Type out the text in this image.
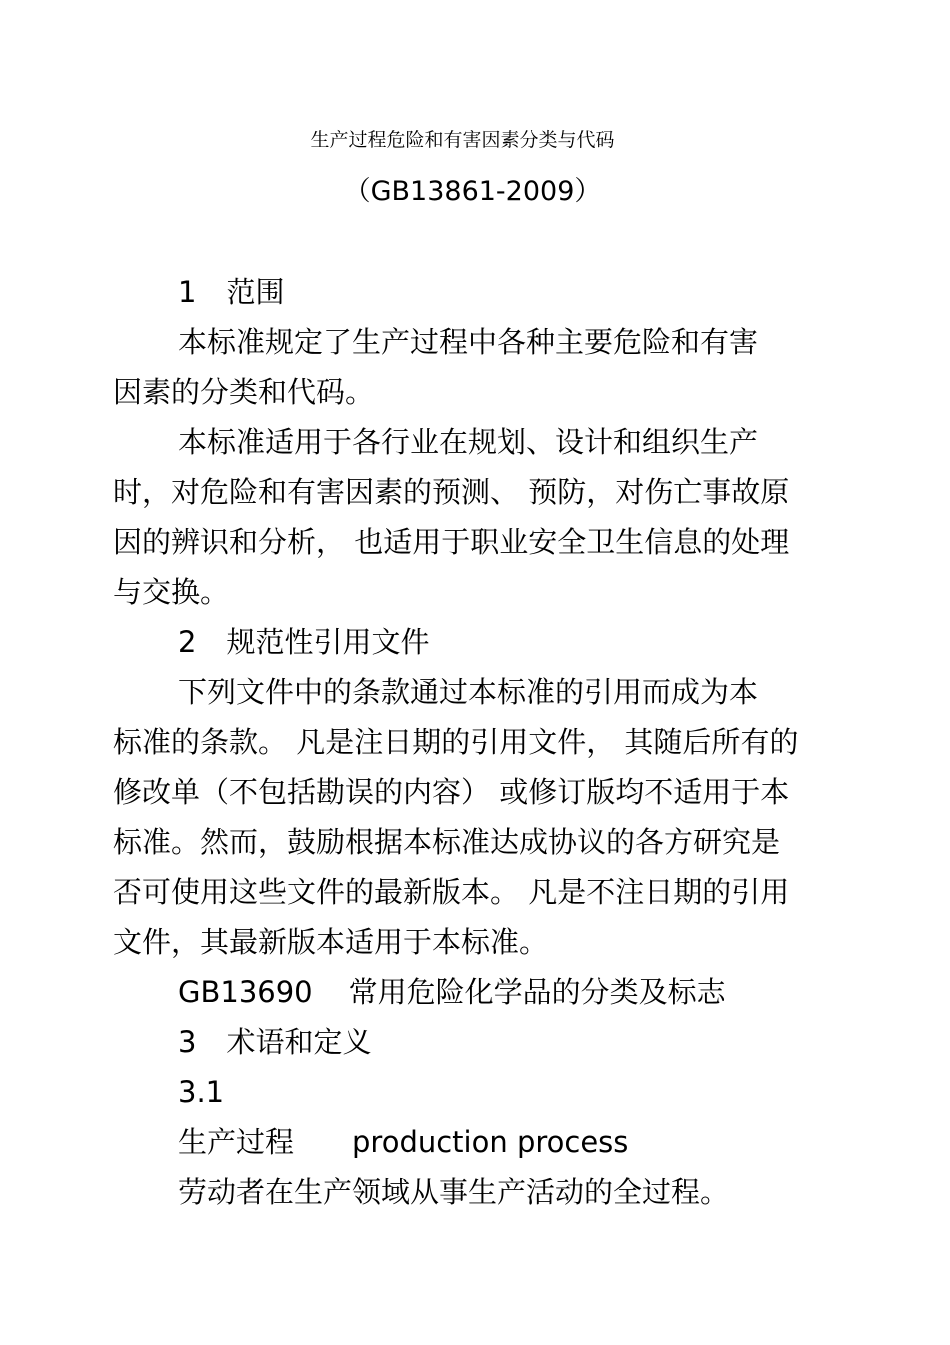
生产过程危险和有害因素分类与代码
（GB13861-2009）
1 范围
本标准规定了生产过程中各种主要危险和有害
因素的分类和代码。
本标准适用于各行业在规划、设计和组织生产
时，对危险和有害因素的预测、 预防，对伤亡事故原
因的辨识和分析， 也适用于职业安全卫生信息的处理
与交换。
2 规范性引用文件
下列文件中的条款通过本标准的引用而成为本
标准的条款。 凡是注日期的引用文件， 其随后所有的
修改单（不包括勘误的内容） 或修订版均不适用于本
标准。然而，鼓励根据本标准达成协议的各方研究是
否可使用这些文件的最新版本。 凡是不注日期的引用
文件，其最新版本适用于本标准。
GB13690 常用危险化学品的分类及标志
3 术语和定义
3.1
生产过程 production process
劳动者在生产领域从事生产活动的全过程。
